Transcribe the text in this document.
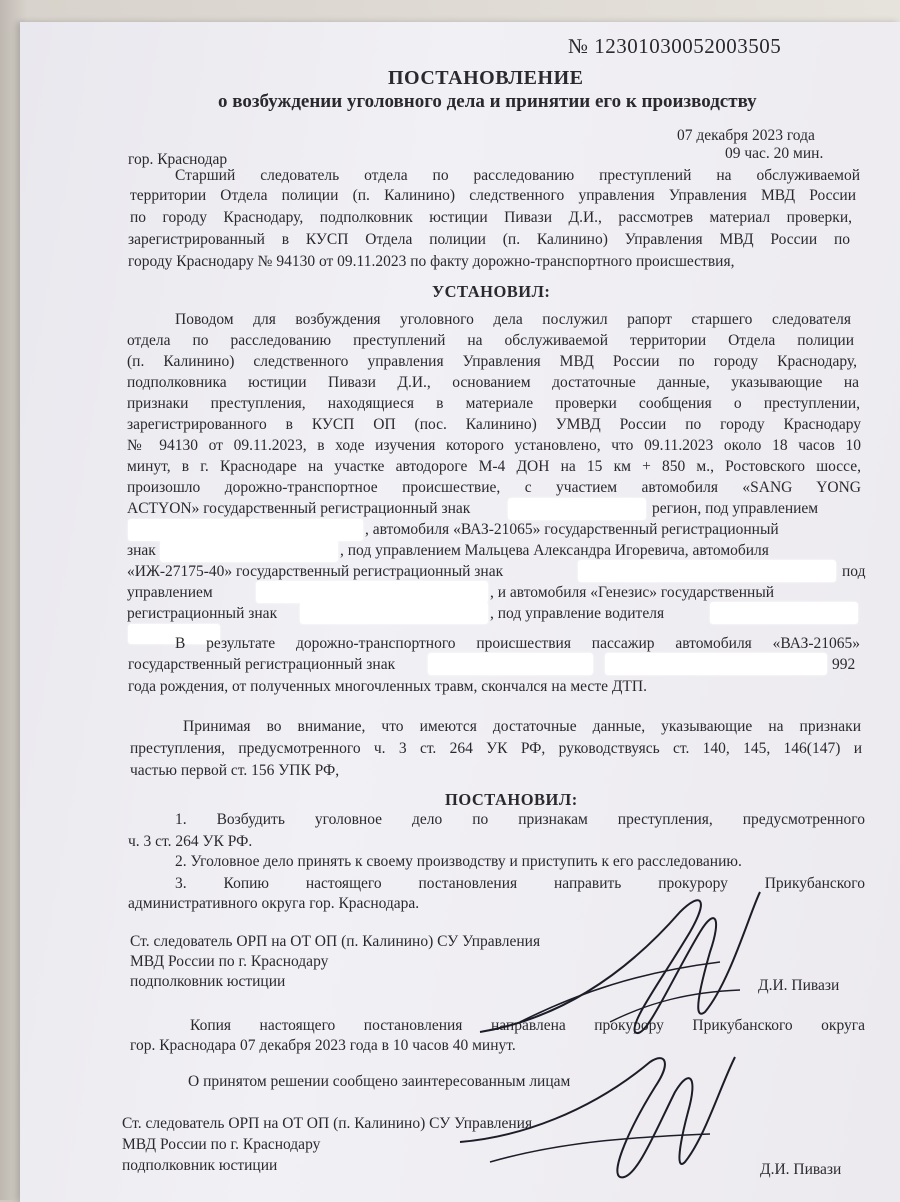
№ 12301030052003505
ПОСТАНОВЛЕНИЕ
о возбуждении уголовного дела и принятии его к производству
07 декабря 2023 года
гор. Краснодар	09 час. 20 мин.
Старший следователь отдела по расследованию преступлений на обслуживаемой
территории Отдела полиции (п. Калинино) следственного управления Управления МВД России
по городу Краснодару, подполковник юстиции Пивази Д.И., рассмотрев материал проверки,
зарегистрированный в КУСП Отдела полиции (п. Калинино) Управления МВД России по
городу Краснодару № 94130 от 09.11.2023 по факту дорожно-транспортного происшествия,
УСТАНОВИЛ:
Поводом для возбуждения уголовного дела послужил рапорт старшего следователя
отдела по расследованию преступлений на обслуживаемой территории Отдела полиции
(п. Калинино) следственного управления Управления МВД России по городу Краснодару,
подполковника юстиции Пивази Д.И., основанием достаточные данные, указывающие на
признаки преступления, находящиеся в материале проверки сообщения о преступлении,
зарегистрированного в КУСП ОП (пос. Калинино) УМВД России по городу Краснодару
№ 94130 от 09.11.2023, в ходе изучения которого установлено, что 09.11.2023 около 18 часов 10
минут, в г. Краснодаре на участке автодороге М-4 ДОН на 15 км + 850 м., Ростовского шоссе,
произошло дорожно-транспортное происшествие, с участием автомобиля «SANG YONG
ACTYON» государственный регистрационный знак	регион, под управлением
, автомобиля «ВАЗ-21065» государственный регистрационный
знак	, под управлением Мальцева Александра Игоревича, автомобиля
«ИЖ-27175-40» государственный регистрационный знак	под
управлением	, и автомобиля «Генезис» государственный
регистрационный знак	, под управление водителя
В результате дорожно-транспортного происшествия пассажир автомобиля «ВАЗ-21065»
государственный регистрационный знак	992
года рождения, от полученных многочленных травм, скончался на месте ДТП.
Принимая во внимание, что имеются достаточные данные, указывающие на признаки
преступления, предусмотренного ч. 3 ст. 264 УК РФ, руководствуясь ст. 140, 145, 146(147) и
частью первой ст. 156 УПК РФ,
ПОСТАНОВИЛ:
1. Возбудить уголовное дело по признакам преступления, предусмотренного
ч. 3 ст. 264 УК РФ.
2. Уголовное дело принять к своему производству и приступить к его расследованию.
3. Копию настоящего постановления направить прокурору Прикубанского
административного округа гор. Краснодара.
Ст. следователь ОРП на ОТ ОП (п. Калинино) СУ Управления
МВД России по г. Краснодару
подполковник юстиции	Д.И. Пивази
Копия настоящего постановления направлена прокурору Прикубанского округа
гор. Краснодара 07 декабря 2023 года в 10 часов 40 минут.
О принятом решении сообщено заинтересованным лицам
Ст. следователь ОРП на ОТ ОП (п. Калинино) СУ Управления
МВД России по г. Краснодару
подполковник юстиции	Д.И. Пивази
